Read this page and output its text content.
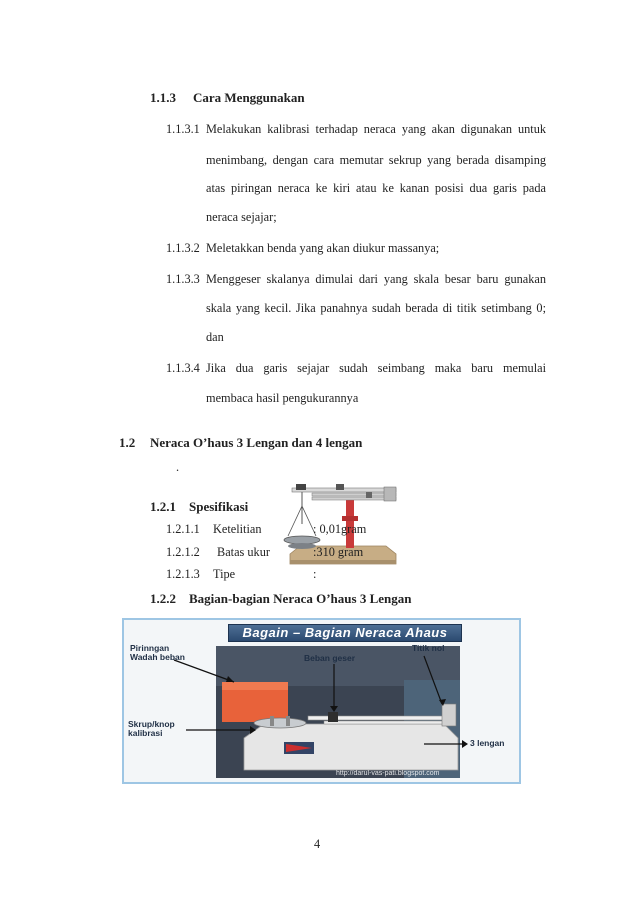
1.1.3 Cara Menggunakan
1.1.3.1 Melakukan kalibrasi terhadap neraca yang akan digunakan untuk
menimbang, dengan cara memutar sekrup yang berada disamping
atas piringan neraca ke kiri atau ke kanan posisi dua garis pada
neraca sejajar;
1.1.3.2 Meletakkan benda yang akan diukur massanya;
1.1.3.3 Menggeser skalanya dimulai dari yang skala besar baru gunakan
skala yang kecil. Jika panahnya sudah berada di titik setimbang 0;
dan
1.1.3.4 Jika dua garis sejajar sudah seimbang maka baru memulai
membaca hasil pengukurannya
1.2 Neraca O’haus 3 Lengan dan 4 lengan
.
1.2.1 Spesifikasi
1.2.1.1 Ketelitian	: 0,01gram
1.2.1.2 Batas ukur	:310 gram
1.2.1.3 Tipe	:
1.2.2 Bagian-bagian Neraca O’haus 3 Lengan
Bagain – Bagian Neraca Ahaus
Pirinngan
Wadah beban	Beban geser
Titik nol
Skrup/knop
kalibrasi
3 lengan
http://darul-vas-pati.blogspot.com
4
